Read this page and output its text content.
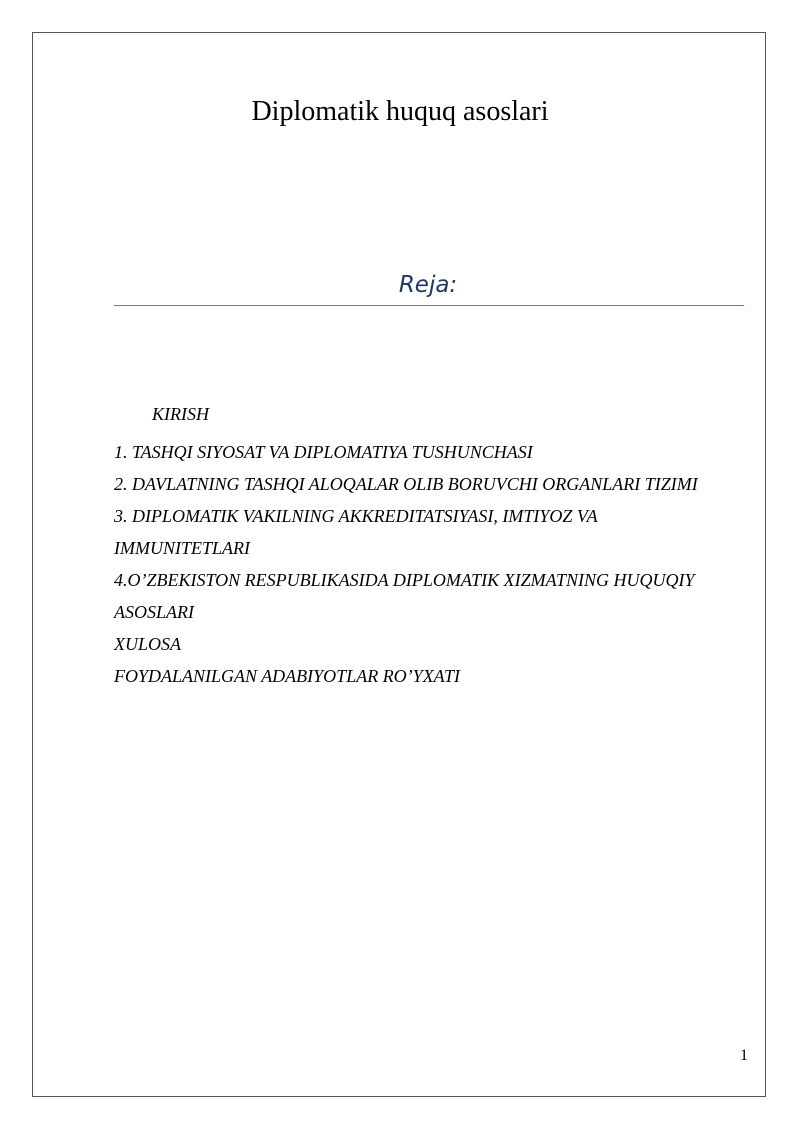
Diplomatik huquq asoslari
Reja:
KIRISH
1. TASHQI SIYOSAT VA DIPLOMATIYA TUSHUNCHASI
2. DAVLATNING TASHQI ALOQALAR OLIB BORUVCHI ORGANLARI TIZIMI
3. DIPLOMATIK VAKILNING AKKREDITATSIYASI, IMTIYOZ VA
IMMUNITETLARI
4.O’ZBEKISTON RESPUBLIKASIDA DIPLOMATIK XIZMATNING HUQUQIY
ASOSLARI
XULOSA
FOYDALANILGAN ADABIYOTLAR RO’YXATI
1
